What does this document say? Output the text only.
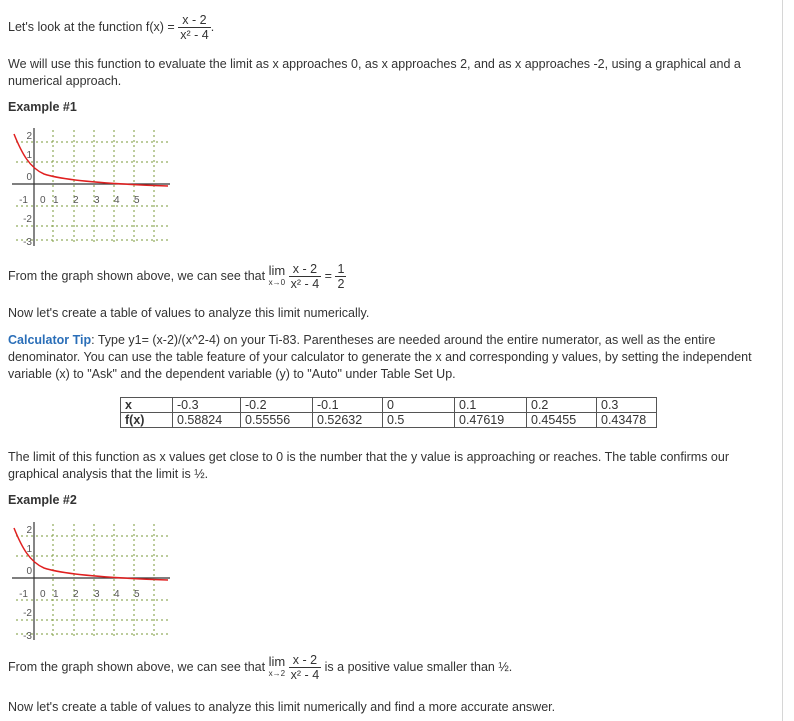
Let's look at the function $f(x) = \frac{x - 2}{\text{x² - 4}}$ .

We will use this function to evaluate the limit as x approaches 0, as x approaches 2, and as x approaches -2, using a graphical and a numerical approach.

Example #1

2
1
0
-1 0 1 2 3 4 5
-2
-3

From the graph shown above, we can see that lim
x→0
$\frac{x - 2}{\text{x² - 4}} = \frac{1}{2}$

Now let's create a table of values to analyze this limit numerically.

Calculator Tip: Type y1= (x-2)/(x^2-4) on your Ti-83. Parentheses are needed around the entire numerator, as well as the entire denominator. You can use the table feature of your calculator to generate the x and corresponding y values, by setting the independent variable (x) to "Ask" and the dependent variable (y) to "Auto" under Table Set Up.

x	-0.3	-0.2	-0.1	0	0.1	0.2	0.3
f(x)	0.58824	0.55556	0.52632	0.5	0.47619	0.45455	0.43478

The limit of this function as x values get close to 0 is the number that the y value is approaching or reaches. The table confirms our graphical analysis that the limit is ½.

Example #2

2
1
0
-1 0 1 2 3 4 5
-2
-3

From the graph shown above, we can see that lim
x→2
$\frac{x - 2}{\text{x² - 4}}$ is a positive value smaller than ½.

Now let's create a table of values to analyze this limit numerically and find a more accurate answer.
